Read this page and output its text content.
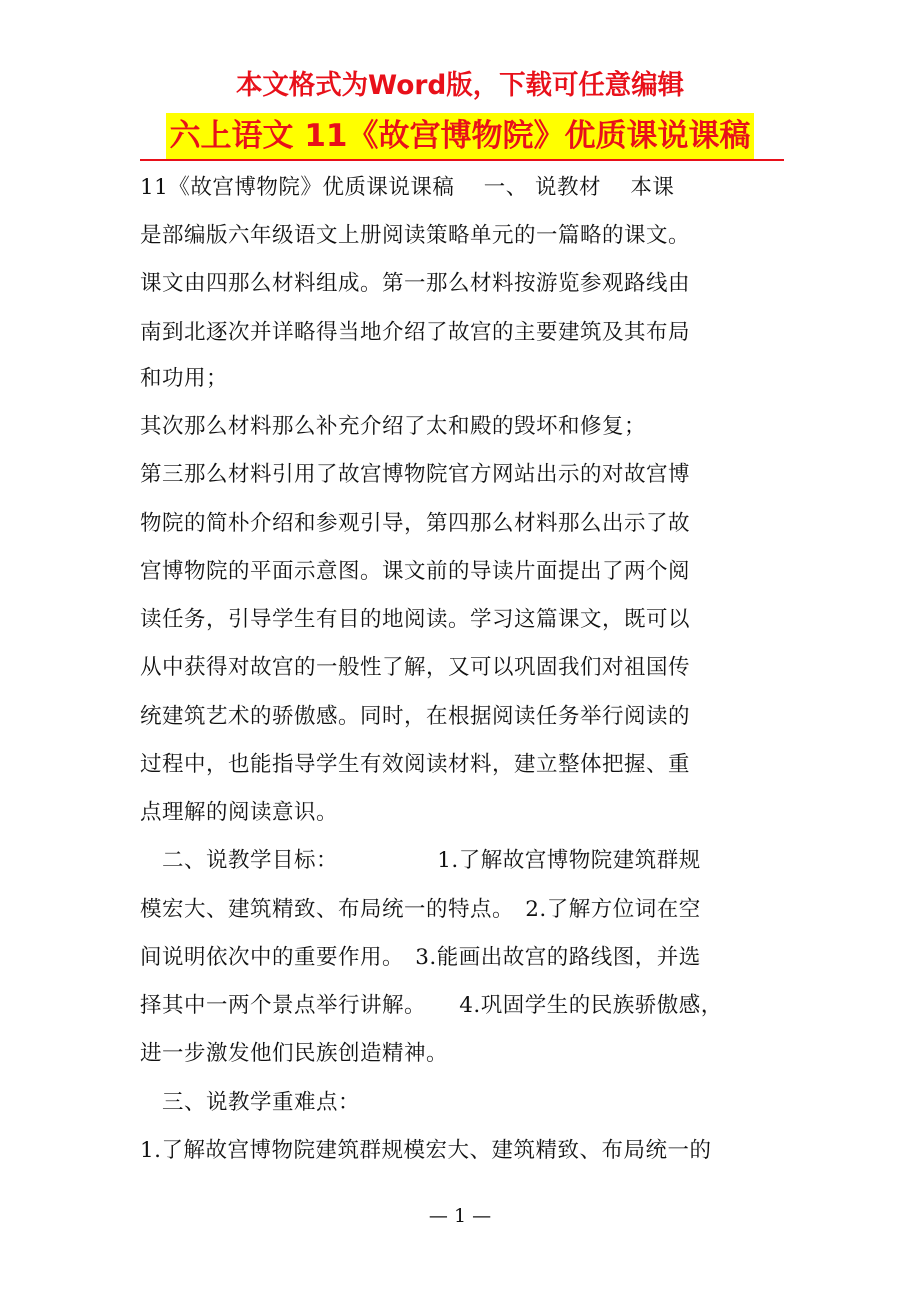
本文格式为Word版，下载可任意编辑
六上语文 11《故宫博物院》优质课说课稿
11《故宫博物院》优质课说课稿　 一、 说教材　 本课
是部编版六年级语文上册阅读策略单元的一篇略的课文。
课文由四那么材料组成。第一那么材料按游览参观路线由
南到北逐次并详略得当地介绍了故宫的主要建筑及其布局
和功用；
其次那么材料那么补充介绍了太和殿的毁坏和修复；
第三那么材料引用了故宫博物院官方网站出示的对故宫博
物院的简朴介绍和参观引导，第四那么材料那么出示了故
宫博物院的平面示意图。课文前的导读片面提出了两个阅
读任务，引导学生有目的地阅读。学习这篇课文，既可以
从中获得对故宫的一般性了解，又可以巩固我们对祖国传
统建筑艺术的骄傲感。同时，在根据阅读任务举行阅读的
过程中，也能指导学生有效阅读材料，建立整体把握、重
点理解的阅读意识。
　二、说教学目标：　　　　　1.了解故宫博物院建筑群规
模宏大、建筑精致、布局统一的特点。　2.了解方位词在空
间说明依次中的重要作用。　3.能画出故宫的路线图，并选
择其中一两个景点举行讲解。　　4.巩固学生的民族骄傲感，
进一步激发他们民族创造精神。
　三、说教学重难点：
1.了解故宫博物院建筑群规模宏大、建筑精致、布局统一的
— 1 —
